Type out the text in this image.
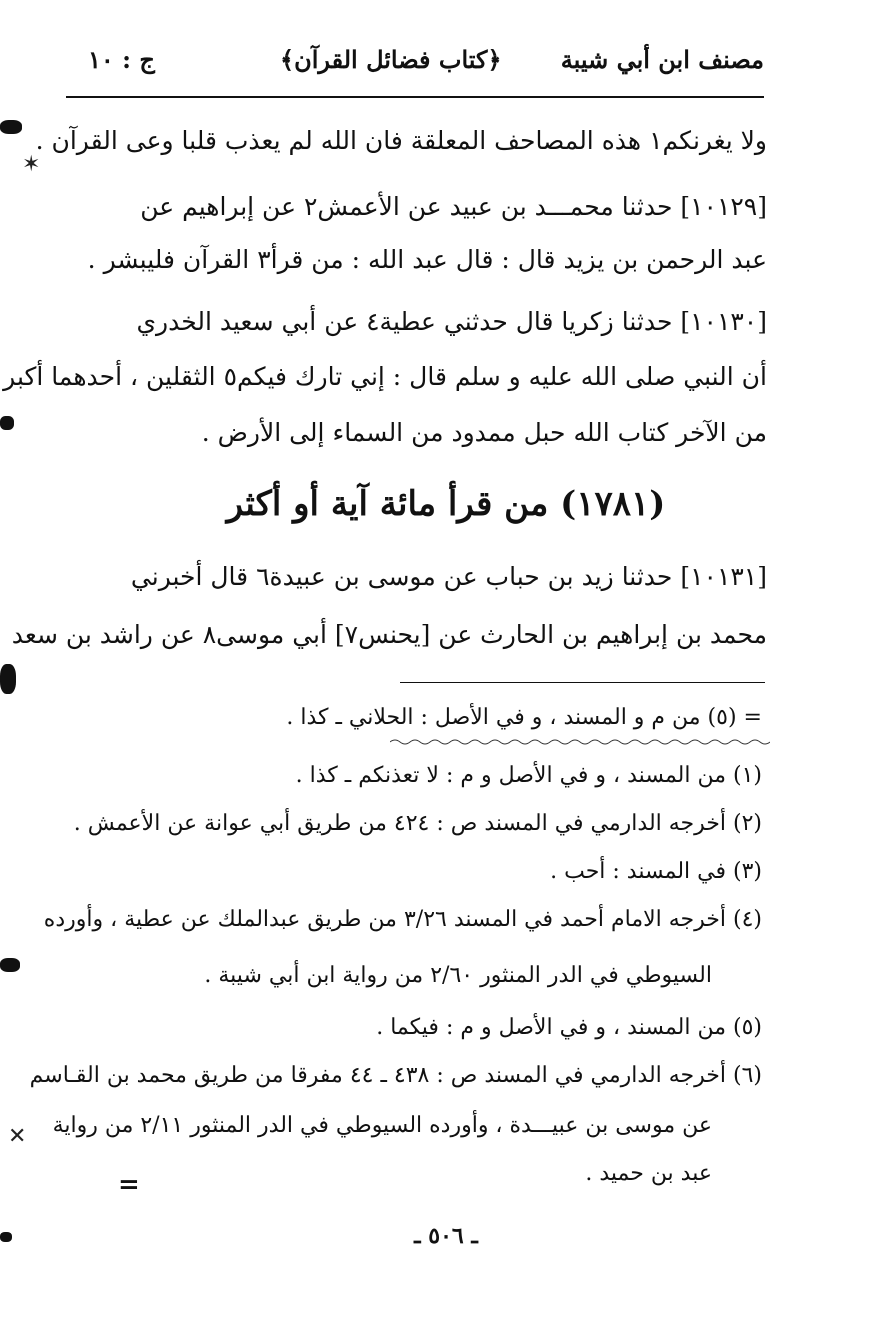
مصنف ابن أبي شيبة
﴿كتاب فضائل القرآن﴾
ج : ١٠
ولا يغرنكم١ هذه المصاحف المعلقة فان الله لم يعذب قلبا وعى القرآن .
[١٠١٢٩] حدثنا محمـــد بن عبيد عن الأعمش٢ عن إبراهيم عن
عبد الرحمن بن يزيد قال : قال عبد الله : من قرأ٣ القرآن فليبشر .
[١٠١٣٠] حدثنا زكريا قال حدثني عطية٤ عن أبي سعيد الخدري
أن النبي صلى الله عليه و سلم قال : إني تارك فيكم٥ الثقلين ، أحدهما أكبر
من الآخر كتاب الله حبل ممدود من السماء إلى الأرض .
(١٧٨١) من قرأ مائة آية أو أكثر
[١٠١٣١] حدثنا زيد بن حباب عن موسى بن عبيدة٦ قال أخبرني
محمد بن إبراهيم بن الحارث عن [يحنس٧] أبي موسى٨ عن راشد بن سعد
= (٥) من م و المسند ، و في الأصل : الحلاني ـ كذا .
(١) من المسند ، و في الأصل و م : لا تعذنكم ـ كذا .
(٢) أخرجه الدارمي في المسند ص : ٤٢٤ من طريق أبي عوانة عن الأعمش .
(٣) في المسند : أحب .
(٤) أخرجه الامام أحمد في المسند ٣/٢٦ من طريق عبدالملك عن عطية ، وأورده
السيوطي في الدر المنثور ٢/٦٠ من رواية ابن أبي شيبة .
(٥) من المسند ، و في الأصل و م : فيكما .
(٦) أخرجه الدارمي في المسند ص : ٤٣٨ ـ ٤٤ مفرقا من طريق محمد بن القـاسم
عن موسى بن عبيـــدة ، وأورده السيوطي في الدر المنثور ٢/١١ من رواية
عبد بن حميد .
=
ـ ٥٠٦ ـ
✶
✕
